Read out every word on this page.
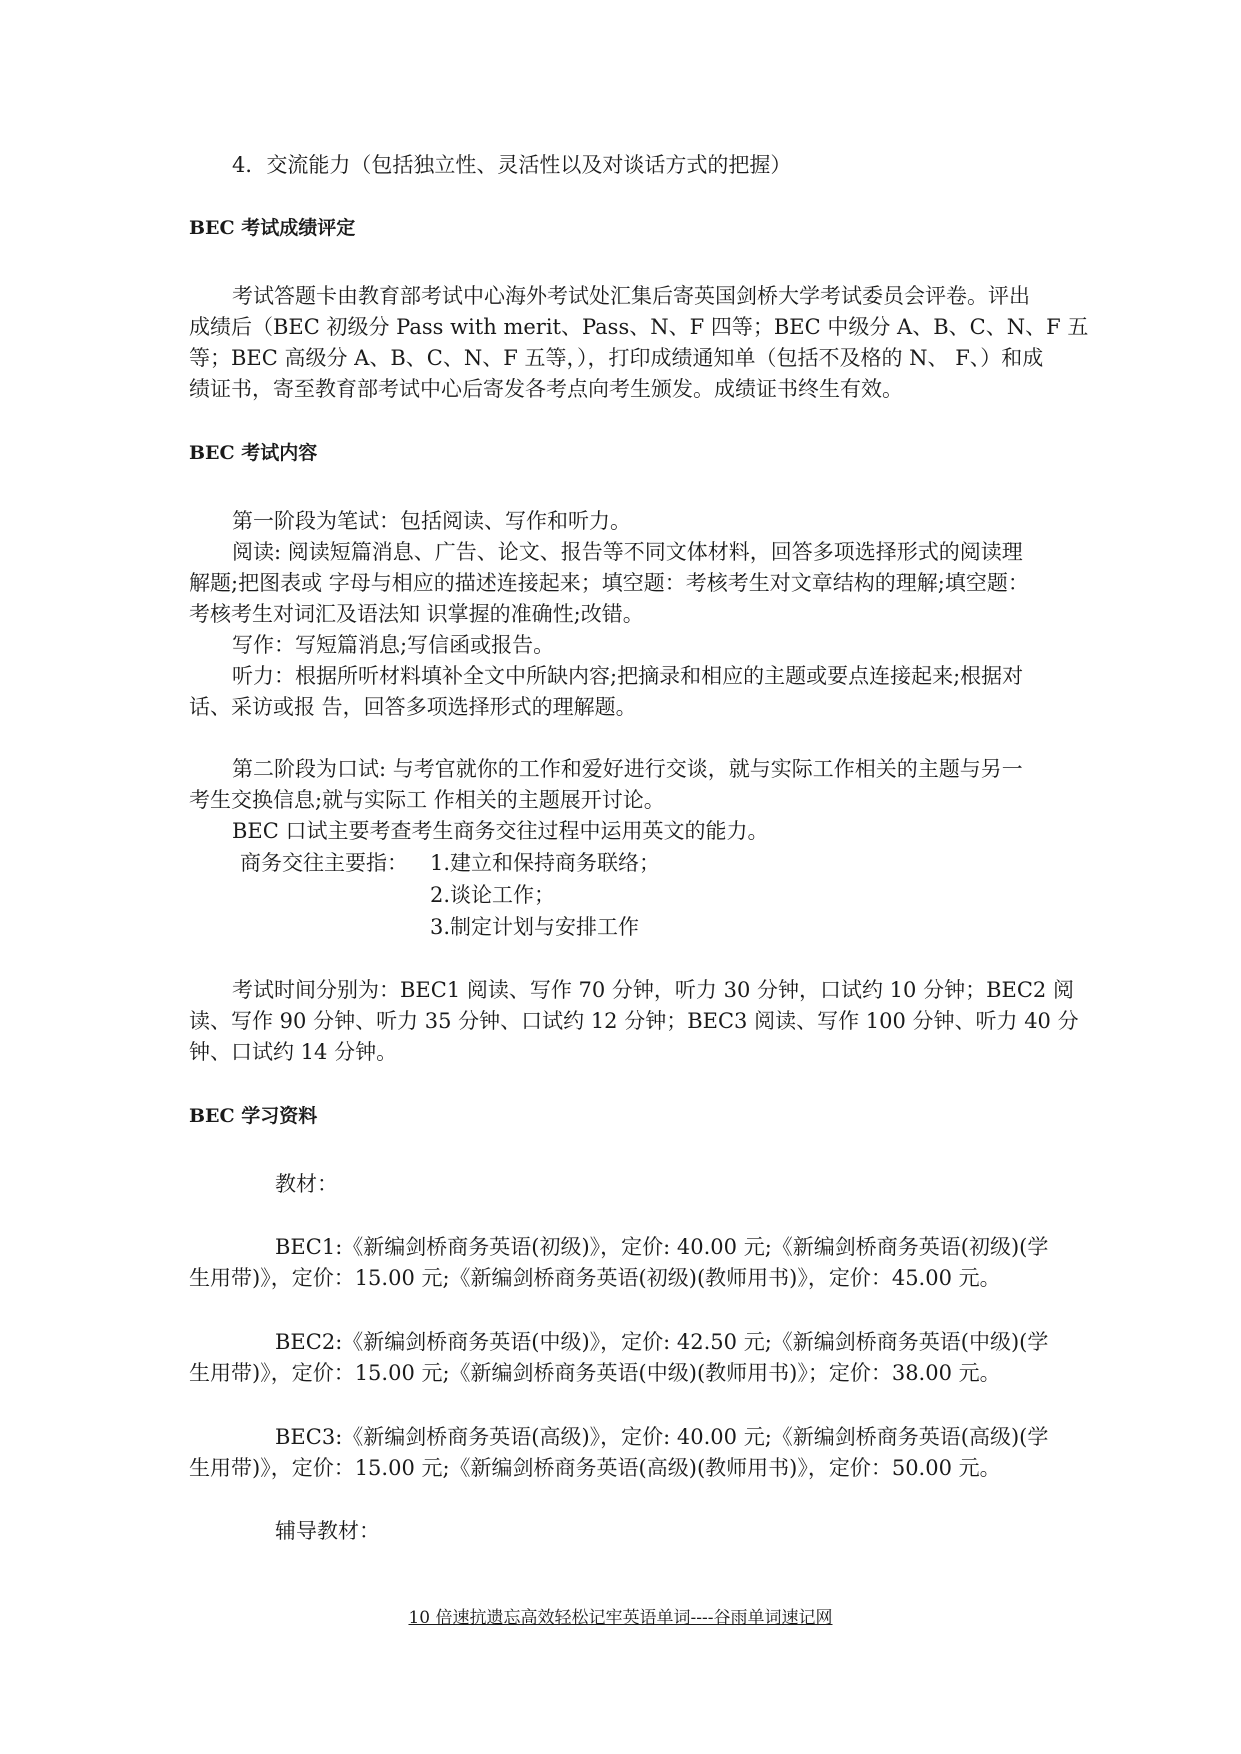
4．交流能力（包括独立性、灵活性以及对谈话方式的把握）
BEC 考试成绩评定
考试答题卡由教育部考试中心海外考试处汇集后寄英国剑桥大学考试委员会评卷。评出
成绩后（BEC 初级分 Pass with merit、Pass、N、F 四等；BEC 中级分 A、B、C、N、F 五
等；BEC 高级分 A、B、C、N、F 五等，），打印成绩通知单（包括不及格的 N、 F、）和成
绩证书，寄至教育部考试中心后寄发各考点向考生颁发。成绩证书终生有效。
BEC 考试内容
第一阶段为笔试：包括阅读、写作和听力。
阅读: 阅读短篇消息、广告、论文、报告等不同文体材料，回答多项选择形式的阅读理
解题;把图表或 字母与相应的描述连接起来；填空题：考核考生对文章结构的理解;填空题：
考核考生对词汇及语法知 识掌握的准确性;改错。
写作：写短篇消息;写信函或报告。
听力：根据所听材料填补全文中所缺内容;把摘录和相应的主题或要点连接起来;根据对
话、采访或报 告，回答多项选择形式的理解题。
第二阶段为口试: 与考官就你的工作和爱好进行交谈，就与实际工作相关的主题与另一
考生交换信息;就与实际工 作相关的主题展开讨论。
BEC 口试主要考查考生商务交往过程中运用英文的能力。
商务交往主要指： 1.建立和保持商务联络；
2.谈论工作；
3.制定计划与安排工作
考试时间分别为：BEC1 阅读、写作 70 分钟，听力 30 分钟，口试约 10 分钟；BEC2 阅
读、写作 90 分钟、听力 35 分钟、口试约 12 分钟；BEC3 阅读、写作 100 分钟、听力 40 分
钟、口试约 14 分钟。
BEC 学习资料
教材：
BEC1:《新编剑桥商务英语(初级)》，定价: 40.00 元;《新编剑桥商务英语(初级)(学
生用带)》，定价：15.00 元;《新编剑桥商务英语(初级)(教师用书)》，定价：45.00 元。
BEC2:《新编剑桥商务英语(中级)》，定价: 42.50 元;《新编剑桥商务英语(中级)(学
生用带)》，定价：15.00 元;《新编剑桥商务英语(中级)(教师用书)》；定价：38.00 元。
BEC3:《新编剑桥商务英语(高级)》，定价: 40.00 元;《新编剑桥商务英语(高级)(学
生用带)》，定价：15.00 元;《新编剑桥商务英语(高级)(教师用书)》，定价：50.00 元。
辅导教材：
10 倍速抗遗忘高效轻松记牢英语单词----谷雨单词速记网
